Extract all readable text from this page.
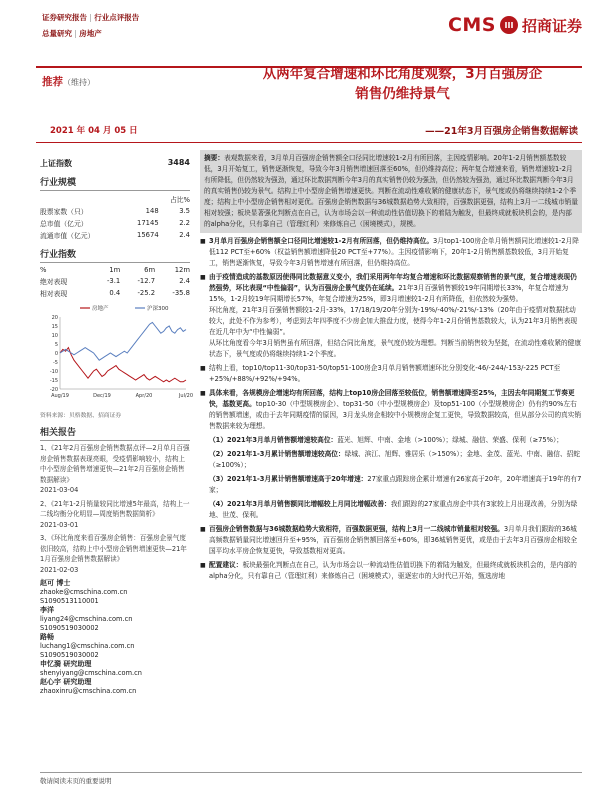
证券研究报告 | 行业点评报告
总量研究 | 房地产	CMS	III 招商证券
推荐（维持）
从两年复合增速和环比角度观察，3月百强房企
销售仍维持景气
2021 年 04 月 05 日	——21年3月百强房企销售数据解读
上证指数	3484
行业规模
		占比%
股票家数（只）	148	3.5
总市值（亿元）	17145	2.2
流通市值（亿元）	15674	2.4
行业指数
%	1m	6m	12m
绝对表现	-3.1	-12.7	2.4
相对表现	0.4	-25.2	-35.8
房地产	沪深300
20
15
10
5
0
-5
-10
-15
-20
Aug/19	Dec/19	Apr/20	Jul/20
资料来源：贝格数据、招商证券
相关报告

1、《21年2月百强房企销售数据点评—2月单月百强房企销售数据表现亮眼，受疫情影响较小，结构上中小型房企销售增速更快—21年2月百强房企销售数据解读》

2021-03-04

2、《21年1-2月销量较同比增速5年最高，结构上一二线均衡分化明显—周度销售数据简析》

2021-03-01

3、《环比角度来看百强房企销售：百强房企景气度依旧较高，结构上中小型房企销售增速更快—21年1月百强房企销售数据解读》

2021-02-03

赵可 博士
zhaoke@cmschina.com.cn
S1090513110001
李洋
liyang24@cmschina.com.cn
S1090519030002
路畅
luchang1@cmschina.com.cn
S1090519030002
申忆漪 研究助理
shenyiyang@cmschina.com.cn
赵心宇 研究助理
zhaoxinru@cmschina.com.cn
摘要：表观数据来看，3月单月百强房企销售额全口径同比增速较1-2月有所回落，主因疫情影响。20年1-2月销售额基数较低，3月开始复工，销售逐渐恢复，导致今年3月销售增速回落至60%，但仍维持高位；两年复合增速来看，销售增速较1-2月有所降低，但仍然较为强劲，通过环比数据判断今年3月的真实销售仍较为强劲，但仍然较为强劲，通过环比数据判断今年3月的真实销售仍较为景气。结构上中小型房企销售增速更快。判断在流动性难收紧的健康状态下，景气度或仍将继续持续1-2个季度；结构上中小型房企销售相对更优。百强房企销售数据与36城数据趋势大致相符，百强数据更强，结构上3月一二线城市销量相对较强；板块显著强化判断点在自己，认为市场会以一种流动性估值切换下的着陆为触发，但最终成就板块机会的，是内部的alpha分化，只有靠自己（管理红利）来修炼自己（困境模式），规模。
■ 3月单月百强房企销售额全口径同比增速较1-2月有所回落，但仍维持高位。3月top1-100房企单月销售额同比增速较1-2月降低112 PCT至+60%（权益销售额增速降低20 PCT至+77%）。主因疫情影响下，20年1-2月销售额基数较低，3月开始复工，销售逐渐恢复，导致今年3月销售增速有所回落，但仍维持高位。
■ 由于疫情造成的基数原因使得同比数据意义变小，我们采用两年年均复合增速和环比数据观察销售的景气度，复合增速表现仍然强势，环比表现“中性偏弱”，认为百强房企景气度仍在延续。21年3月百强销售额较19年同期增长33%，年复合增速为15%，1-2月较19年同期增长57%，年复合增速为25%，即3月增速较1-2月有所降低，但依然较为强势。
环比角度，21年3月百强销售额较1-2月-33%，17/18/19/20年分别为-19%/-40%/-21%/-13%（20年由于疫情对数据扰动较大，此处不作为参考），考虑到去年四季度不少房企加大推盘力度，使得今年1-2月份销售基数较大，认为21年3月销售表现在近几年中为“中性偏弱”。
从环比角度看今年3月销售虽有所回落，但结合同比角度，景气度仍较为理想。判断当前销售较为坚挺，在流动性难收紧的健康状态下，景气度或仍将继续持续1-2个季度。
■ 结构上看，top10/top11-30/top31-50/top51-100房企3月单月销售额增速环比分别变化-46/-244/-153/-225 PCT至+25%/+88%/+92%/+94%。
■ 具体来看，各规模房企增速均有所回落，结构上top10房企回落至较低位，销售额增速降至25%，主因去年同期复工节奏更快，基数更高。top10-30（中型规模房企）、top31-50（中小型规模房企）及top51-100（小型规模房企）仍有约90%左右的销售额增速，或由于去年同期疫情的原因，3月龙头房企相较中小规模房企复工更快，导致数据较高，但从部分公司的真实销售数据来较为理想。
（1）2021年3月单月销售额增速较高位：蓝光、旭辉、中南、金地（>100%）；绿城、融信、荣盛、保利（≥75%）；
（2）2021年1-3月累计销售额增速较高位：绿城、滨江、旭辉、雅居乐（>150%）；金地、金茂、蓝光、中南、融信、招蛇（≥100%）；
（3）2021年1-3月累计销售额增速高于20年增速：27家重点跟踪房企累计增速有26家高于20年，20年增速高于19年的有7家；
（4）2021年3月单月销售额同比增幅较上月同比增幅改善：我们跟踪的27家重点房企中共有3家较上月出现改善，分别为绿地、世茂、保利。
■ 百强房企销售数据与36城数据趋势大致相符，百强数据更强，结构上3月一二线城市销量相对较强。3月单月我们跟踪的36城高频数据销量同比增速回升至+95%，而百强房企销售额回落至+60%，即36城销售更优，或是由于去年3月百强房企相较全国平均水平房企恢复更快，导致基数相对更高。
■ 配置建议：板块最强化判断点在自己，认为市场会以一种流动性估值切换下的着陆为触发，但最终成就板块机会的，是内部的alpha分化，只有靠自己（管理红利）来修炼自己（困境模式），驱逐宏市的大时代已开始，甄选房地
敬请阅读末页的重要说明
